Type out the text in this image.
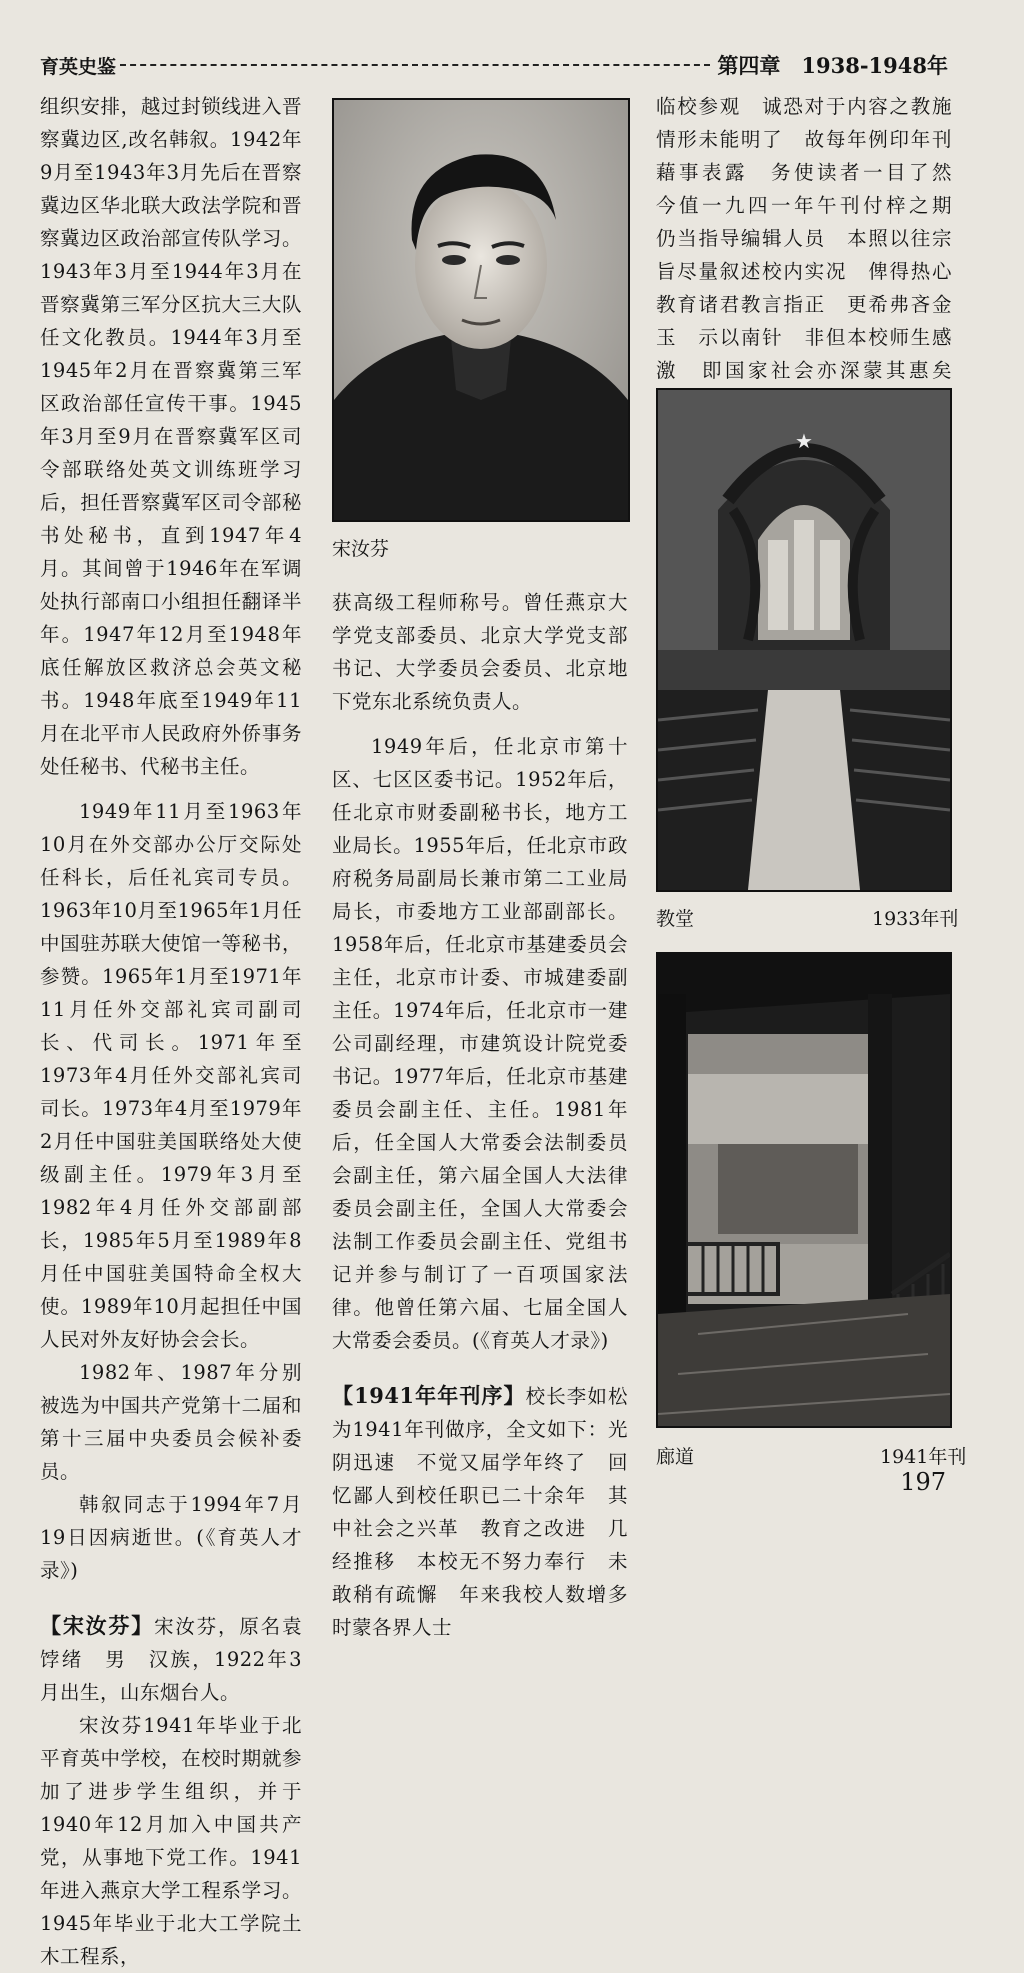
育英史鉴	第四章　1938-1948年

组织安排，越过封锁线进入晋察冀边区,改名韩叙。1942年9月至1943年3月先后在晋察冀边区华北联大政法学院和晋察冀边区政治部宣传队学习。1943年3月至1944年3月在晋察冀第三军分区抗大三大队任文化教员。1944年3月至1945年2月在晋察冀第三军区政治部任宣传干事。1945年3月至9月在晋察冀军区司令部联络处英文训练班学习后，担任晋察冀军区司令部秘书处秘书，直到1947年4月。其间曾于1946年在军调处执行部南口小组担任翻译半年。1947年12月至1948年底任解放区救济总会英文秘书。1948年底至1949年11月在北平市人民政府外侨事务处任秘书、代秘书主任。

1949年11月至1963年10月在外交部办公厅交际处任科长，后任礼宾司专员。1963年10月至1965年1月任中国驻苏联大使馆一等秘书，参赞。1965年1月至1971年11月任外交部礼宾司副司长、代司长。1971年至1973年4月任外交部礼宾司司长。1973年4月至1979年2月任中国驻美国联络处大使级副主任。1979年3月至1982年4月任外交部副部长，1985年5月至1989年8月任中国驻美国特命全权大使。1989年10月起担任中国人民对外友好协会会长。

1982年、1987年分别被选为中国共产党第十二届和第十三届中央委员会候补委员。

韩叙同志于1994年7月19日因病逝世。(《育英人才录》)

【宋汝芬】宋汝芬，原名袁饽绪　男　汉族，1922年3月出生，山东烟台人。

宋汝芬1941年毕业于北平育英中学校，在校时期就参加了进步学生组织，并于1940年12月加入中国共产党，从事地下党工作。1941年进入燕京大学工程系学习。1945年毕业于北大工学院土木工程系，

宋汝芬

获高级工程师称号。曾任燕京大学党支部委员、北京大学党支部书记、大学委员会委员、北京地下党东北系统负责人。

1949年后，任北京市第十区、七区区委书记。1952年后，任北京市财委副秘书长，地方工业局长。1955年后，任北京市政府税务局副局长兼市第二工业局局长，市委地方工业部副部长。1958年后，任北京市基建委员会主任，北京市计委、市城建委副主任。1974年后，任北京市一建公司副经理，市建筑设计院党委书记。1977年后，任北京市基建委员会副主任、主任。1981年后，任全国人大常委会法制委员会副主任，第六届全国人大法律委员会副主任，全国人大常委会法制工作委员会副主任、党组书记并参与制订了一百项国家法律。他曾任第六届、七届全国人大常委会委员。(《育英人才录》)

【1941年年刊序】校长李如松为1941年刊做序，全文如下：光阴迅速　不觉又届学年终了　回忆鄙人到校任职已二十余年　其中社会之兴革　教育之改进　几经推移　本校无不努力奉行　未敢稍有疏懈　年来我校人数增多　时蒙各界人士

临校参观　诚恐对于内容之教施情形未能明了　故每年例印年刊　藉事表露　务使读者一目了然　今值一九四一年午刊付梓之期　仍当指导编辑人员　本照以往宗旨尽量叙述校内实况　俾得热心教育诸君教言指正　更希弗吝金玉　示以南针　非但本校师生感激　即国家社会亦深蒙其惠矣　

★
教堂	1933年刊
廊道	1941年刊
197
